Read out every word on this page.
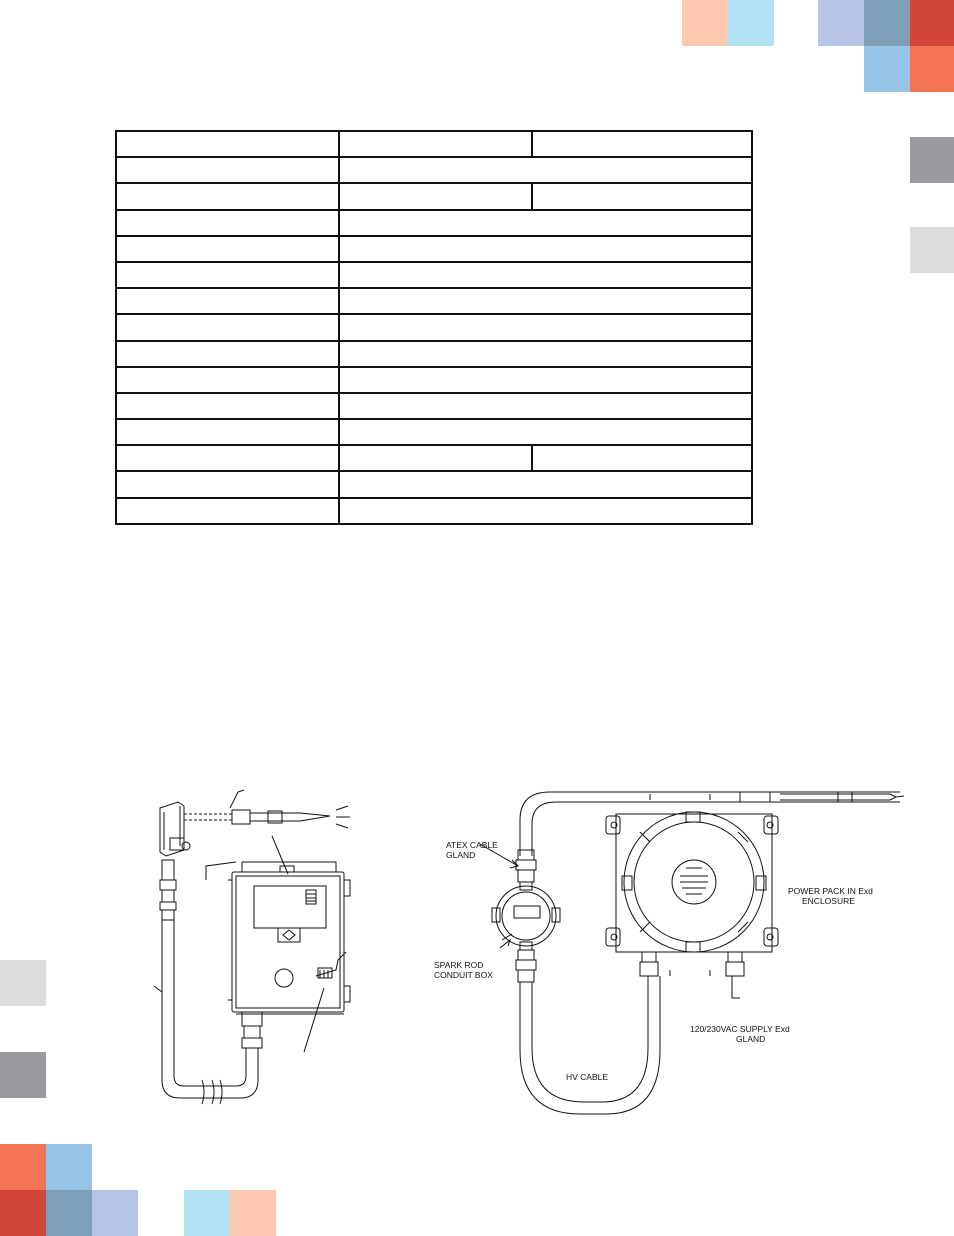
ATEX CABLE
GLAND
SPARK ROD
CONDUIT BOX
POWER PACK IN Exd
ENCLOSURE
120/230VAC SUPPLY Exd
GLAND
HV CABLE
